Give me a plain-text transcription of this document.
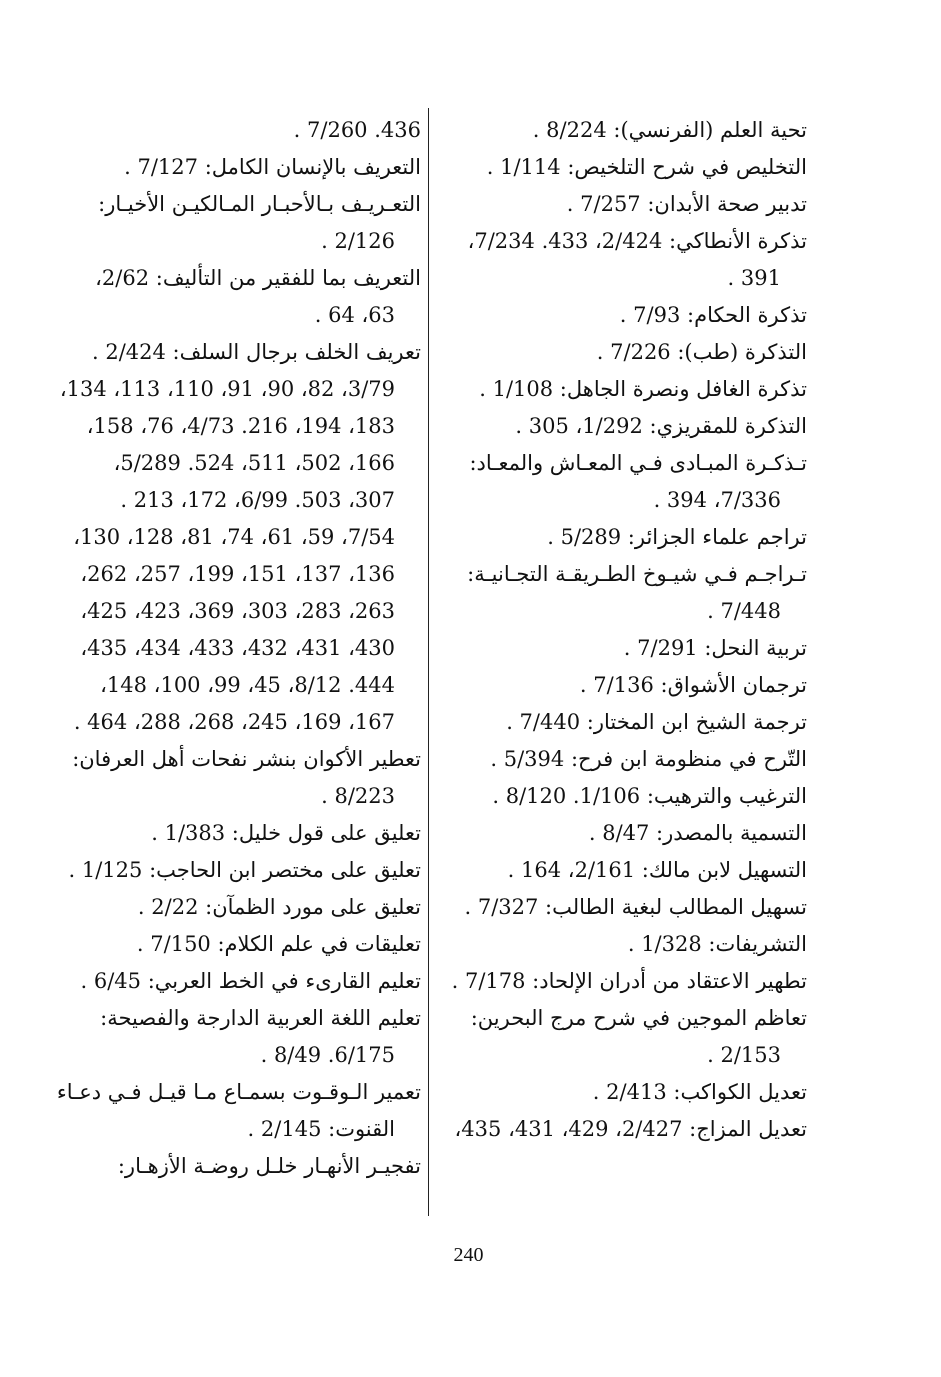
تحية العلم (الفرنسي): 8/224 .

التخليص في شرح التلخيص: 1/114 .

تدبير صحة الأبدان: 7/257 .

تذكرة الأنطاكي: 2/424، 433. 7/234،
391 .

تذكرة الحكام: 7/93 .

التذكرة (طب): 7/226 .

تذكرة الغافل ونصرة الجاهل: 1/108 .

التذكرة للمقريزي: 1/292، 305 .

تـذكـرة المبـادى فـي المعـاش والمعـاد:
7/336، 394 .

تراجم علماء الجزائر: 5/289 .

تـراجـم فـي شيـوخ الطـريقـة التجـانيـة:
7/448 .

تربية النحل: 7/291 .

ترجمان الأشواق: 7/136 .

ترجمة الشيخ ابن المختار: 7/440 .

التّرح في منظومة ابن فرح: 5/394 .

الترغيب والترهيب: 1/106. 8/120 .

التسمية بالمصدر: 8/47 .

التسهيل لابن مالك: 2/161، 164 .

تسهيل المطالب لبغية الطالب: 7/327 .

التشريفات: 1/328 .

تطهير الاعتقاد من أدران الإلحاد: 7/178 .

تعاظم الموجين في شرح مرج البحرين:
2/153 .

تعديل الكواكب: 2/413 .

تعديل المزاج: 2/427، 429، 431، 435،

436. 7/260 .

التعريف بالإنسان الكامل: 7/127 .

التعـريـف بـالأحبـار المـالكيـن الأخيـار:
2/126 .

التعريف بما للفقير من التأليف: 2/62،
63، 64 .

تعريف الخلف برجال السلف: 2/424 .
3/79، 82، 90، 91، 110، 113، 134،
183، 194، 216. 4/73، 76، 158،
166، 502، 511، 524. 5/289،
307، 503. 6/99، 172، 213 .
7/54، 59، 61، 74، 81، 128، 130،
136، 137، 151، 199، 257، 262،
263، 283، 303، 369، 423، 425،
430، 431، 432، 433، 434، 435،
444. 8/12، 45، 99، 100، 148،
167، 169، 245، 268، 288، 464 .

تعطير الأكوان بنشر نفحات أهل العرفان:
8/223 .

تعليق على قول خليل: 1/383 .

تعليق على مختصر ابن الحاجب: 1/125 .

تعليق على مورد الظمآن: 2/22 .

تعليقات في علم الكلام: 7/150 .

تعليم القارىء في الخط العربي: 6/45 .

تعليم اللغة العربية الدارجة والفصيحة:
6/175. 8/49 .

تعمير الـوقـوت بسمـاع مـا قيـل فـي دعـاء
القنوت: 2/145 .

تفجيـر الأنهـار خلـل روضـة الأزهـار:

240
